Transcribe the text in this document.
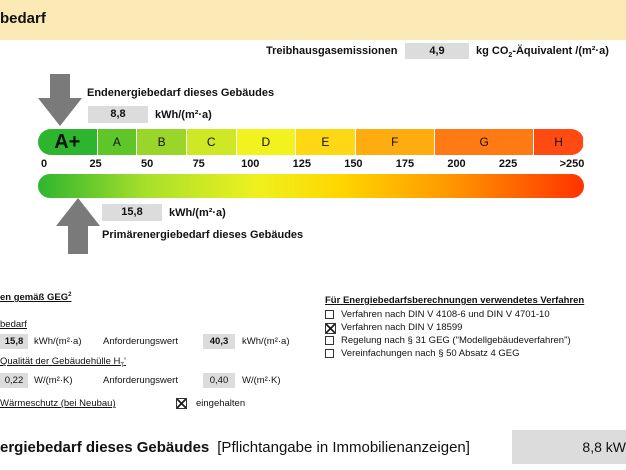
bedarf
Treibhausgasemissionen	4,9	kg $CO_2$-Äquivalent /(m²·a)
Endenergiebedarf dieses Gebäudes
8,8	kWh/(m²·a)
A+	A	B	C	D	E	F	G	H
0	25	50	75	100	125	150	175	200	225	>250
15,8	kWh/(m²·a)
Primärenergiebedarf dieses Gebäudes
en gemäß GEG$^2$
bedarf
15,8	kWh/(m²·a) Anforderungswert	40,3	kWh/(m²·a)
Qualität der Gebäudehülle $H_T'$
0,22	W/(m²·K)	Anforderungswert	0,40	W/(m²·K)
Wärmeschutz (bei Neubau)	eingehalten
Für Energiebedarfsberechnungen verwendetes Verfahren
Verfahren nach DIN V 4108-6 und DIN V 4701-10
Verfahren nach DIN V 18599
Regelung nach § 31 GEG ("Modellgebäudeverfahren")
Vereinfachungen nach § 50 Absatz 4 GEG
ergiebedarf dieses Gebäudes [Pflichtangabe in Immobilienanzeigen]	8,8 kW
